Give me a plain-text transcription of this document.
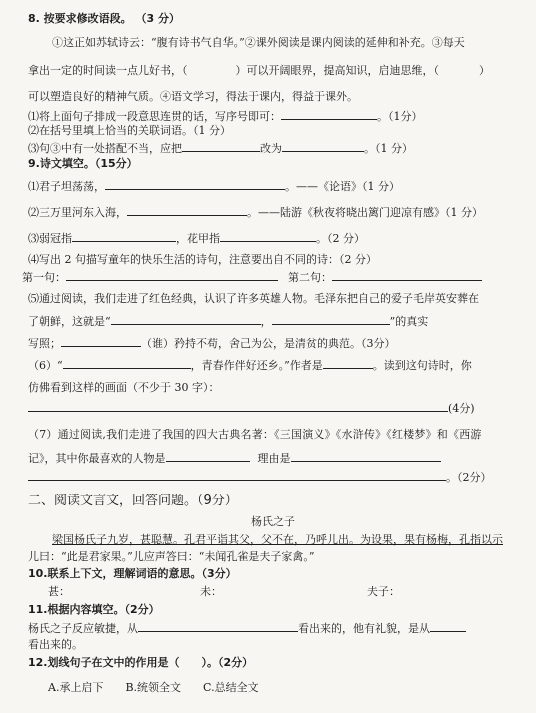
8. 按要求修改语段。 （3 分）
①这正如苏轼诗云：“腹有诗书气自华。”②课外阅读是课内阅读的延伸和补充。③每天
拿出一定的时间读一点儿好书，（	）可以开阔眼界，提高知识，启迪思维，（	）
可以塑造良好的精神气质。④语文学习，得法于课内，得益于课外。
⑴将上面句子排成一段意思连贯的话，写序号即可：	。（1分）
⑵在括号里填上恰当的关联词语。（1 分）
⑶句③中有一处搭配不当，应把	改为	。（1 分）
9.诗文填空。（15分）
⑴君子坦荡荡，	。——《论语》（1 分）
⑵三万里河东入海，	。——陆游《秋夜将晓出篱门迎凉有感》（1 分）
⑶弱冠指	，花甲指	。（2 分）
⑷写出 2 句描写童年的快乐生活的诗句，注意要出自不同的诗：（2 分）
第一句：	第二句：
⑸通过阅读，我们走进了红色经典，认识了许多英雄人物。毛泽东把自己的爱子毛岸英安葬在
了朝鲜，这就是“	，	”的真实
写照；	（谁）矜持不苟，舍己为公，是清贫的典范。（3分）
（6）“	，青春作伴好还乡。”作者是	。读到这句诗时，你
仿佛看到这样的画面（不少于 30 字）：
(4分)
（7）通过阅读,我们走进了我国的四大古典名著：《三国演义》《水浒传》《红楼梦》和《西游
记》，其中你最喜欢的人物是	理由是
。（2分）
二、阅读文言文，回答问题。（9分）
杨氏之子
梁国杨氏子九岁，甚聪慧。孔君平诣其父，父不在，乃呼儿出。为设果，果有杨梅，孔指以示
儿曰：“此是君家果。”儿应声答曰：“未闻孔雀是夫子家禽。”
10.联系上下文，理解词语的意思。（3分）
甚：	未：	夫子：
11.根据内容填空。（2分）
杨氏之子反应敏捷，从	看出来的，他有礼貌，是从
看出来的。
12.划线句子在文中的作用是（　　）。（2分）
A.承上启下 B.统领全文 C.总结全文
